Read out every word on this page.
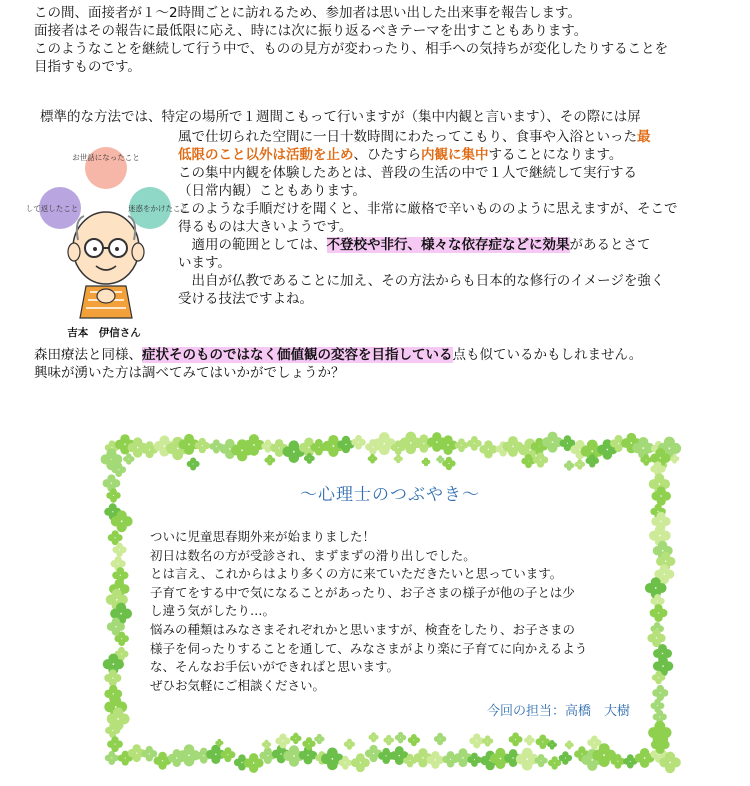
この間、面接者が１〜2時間ごとに訪れるため、参加者は思い出した出来事を報告します。

面接者はその報告に最低限に応え、時には次に振り返るべきテーマを出すこともあります。

このようなことを継続して行う中で、ものの見方が変わったり、相手への気持ちが変化したりすることを

目指すものです。

標準的な方法では、特定の場所で１週間こもって行いますが（集中内観と言います）、その際には屏

風で仕切られた空間に一日十数時間にわたってこもり、食事や入浴といった最

低限のこと以外は活動を止め、ひたすら内観に集中することになります。

この集中内観を体験したあとは、普段の生活の中で１人で継続して実行する

（日常内観）こともあります。

このような手順だけを聞くと、非常に厳格で辛いもののように思えますが、そこで

得るものは大きいようです。

　適用の範囲としては、不登校や非行、様々な依存症などに効果があるとさて

います。

　出自が仏教であることに加え、その方法からも日本的な修行のイメージを強く

受ける技法ですよね。

森田療法と同様、症状そのものではなく価値観の変容を目指している点も似ているかもしれません。

興味が湧いた方は調べてみてはいかがでしょうか？

お世話になったこと
して返したこと	迷惑をかけたこと
吉本　伊信さん
〜心理士のつぶやき〜

ついに児童思春期外来が始まりました！

初日は数名の方が受診され、まずまずの滑り出しでした。

とは言え、これからはより多くの方に来ていただきたいと思っています。

子育てをする中で気になることがあったり、お子さまの様子が他の子とは少

し違う気がしたり…。

悩みの種類はみなさまそれぞれかと思いますが、検査をしたり、お子さまの

様子を伺ったりすることを通して、みなさまがより楽に子育てに向かえるよう

な、そんなお手伝いができればと思います。

ぜひお気軽にご相談ください。

今回の担当：高橋　大樹
